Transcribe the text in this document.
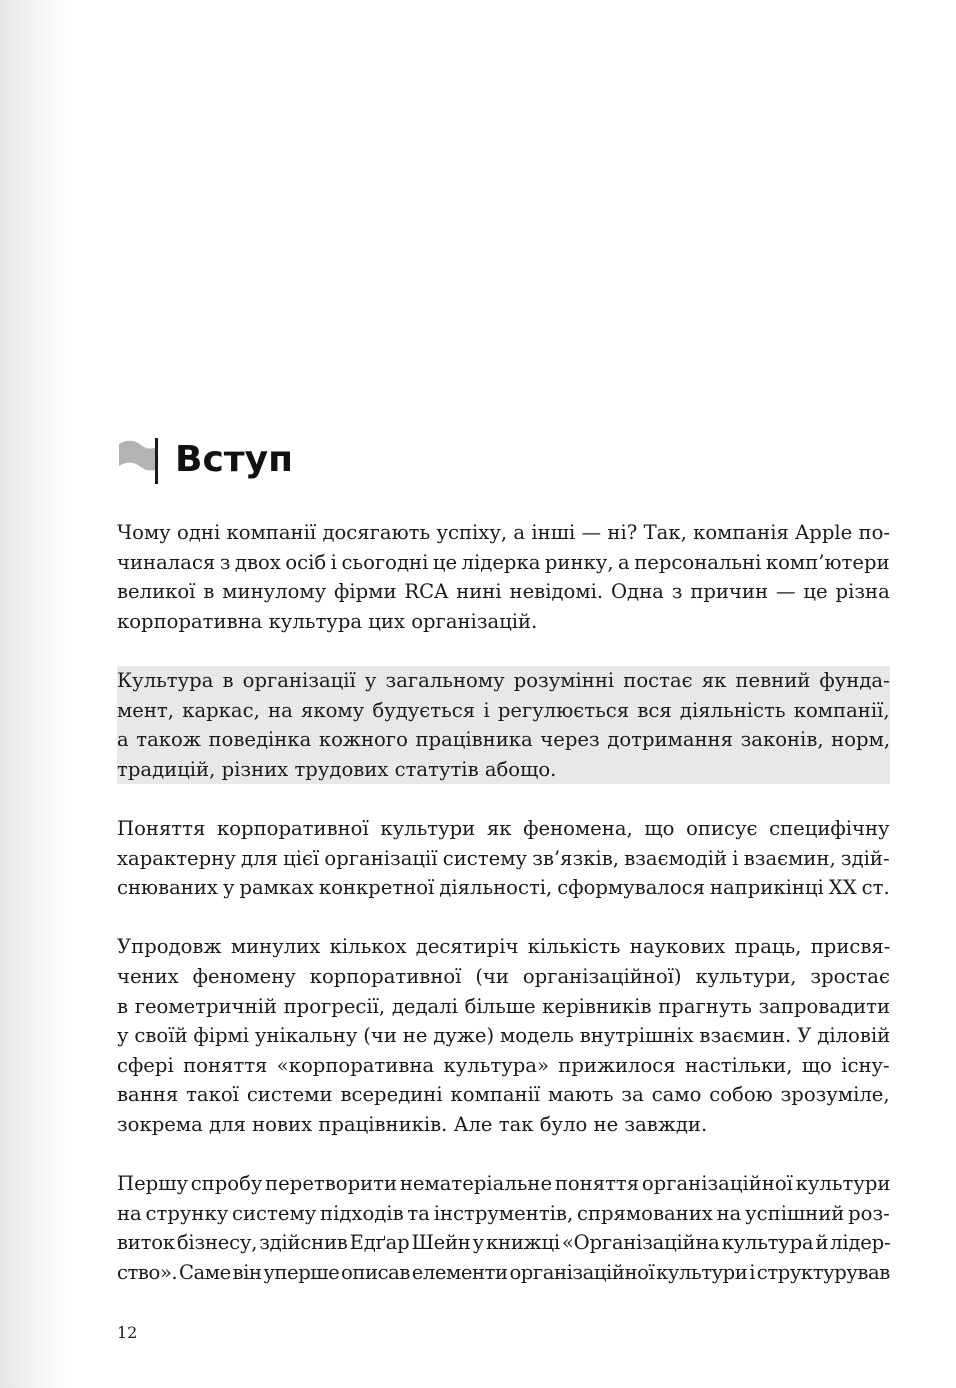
Вступ

Чому одні компанії досягають успіху, а інші — ні? Так, компанія Apple по-
чиналася з двох осіб і сьогодні це лідерка ринку, а персональні комп’ютери
великої в минулому фірми RCA нині невідомі. Одна з причин — це різна
корпоративна культура цих організацій.

Культура в організації у загальному розумінні постає як певний фунда-
мент, каркас, на якому будується і регулюється вся діяльність компанії,
а також поведінка кожного працівника через дотримання законів, норм,
традицій, різних трудових статутів абощо.

Поняття корпоративної культури як феномена, що описує специфічну
характерну для цієї організації систему зв’язків, взаємодій і взаємин, здій-
снюваних у рамках конкретної діяльності, сформувалося наприкінці ХХ ст.

Упродовж минулих кількох десятиріч кількість наукових праць, присвя-
чених феномену корпоративної (чи організаційної) культури, зростає
в геометричній прогресії, дедалі більше керівників прагнуть запровадити
у своїй фірмі унікальну (чи не дуже) модель внутрішніх взаємин. У діловій
сфері поняття «корпоративна культура» прижилося настільки, що існу-
вання такої системи всередині компанії мають за само собою зрозуміле,
зокрема для нових працівників. Але так було не завжди.

Першу спробу перетворити нематеріальне поняття організаційної культури
на струнку систему підходів та інструментів, спрямованих на успішний роз-
виток бізнесу, здійснив Едґар Шейн у книжці «Організаційна культура й лідер-
ство». Саме він уперше описав елементи організаційної культури і структурував

12
